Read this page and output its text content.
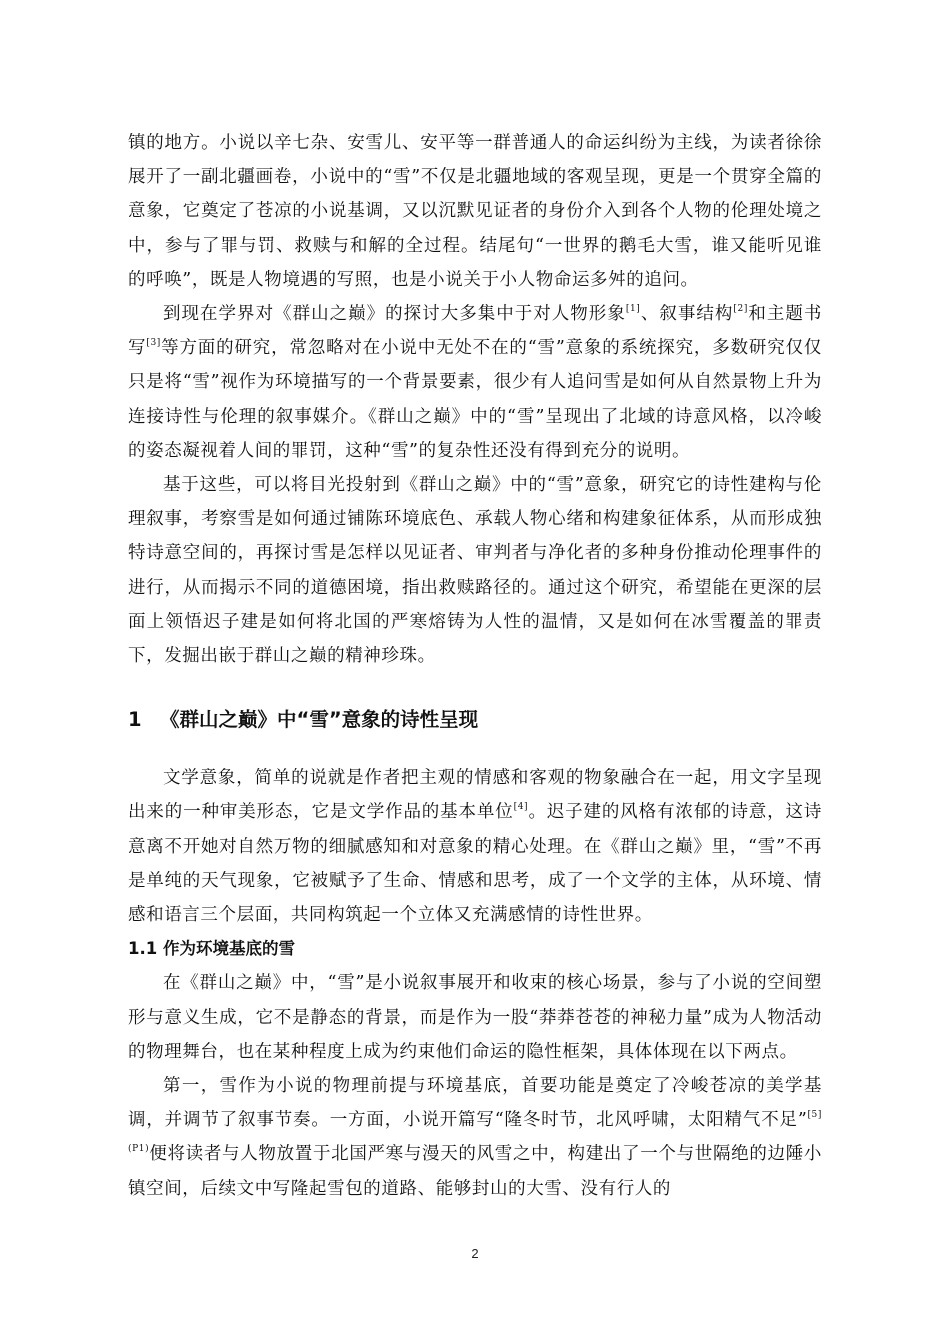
镇的地方。小说以辛七杂、安雪儿、安平等一群普通人的命运纠纷为主线，为读者徐徐展开了一副北疆画卷，小说中的“雪”不仅是北疆地域的客观呈现，更是一个贯穿全篇的意象，它奠定了苍凉的小说基调，又以沉默见证者的身份介入到各个人物的伦理处境之中，参与了罪与罚、救赎与和解的全过程。结尾句“一世界的鹅毛大雪，谁又能听见谁的呼唤”，既是人物境遇的写照，也是小说关于小人物命运多舛的追问。

到现在学界对《群山之巅》的探讨大多集中于对人物形象[1]、叙事结构[2]和主题书写[3]等方面的研究，常忽略对在小说中无处不在的“雪”意象的系统探究，多数研究仅仅只是将“雪”视作为环境描写的一个背景要素，很少有人追问雪是如何从自然景物上升为连接诗性与伦理的叙事媒介。《群山之巅》中的“雪”呈现出了北域的诗意风格，以冷峻的姿态凝视着人间的罪罚，这种“雪”的复杂性还没有得到充分的说明。

基于这些，可以将目光投射到《群山之巅》中的“雪”意象，研究它的诗性建构与伦理叙事，考察雪是如何通过铺陈环境底色、承载人物心绪和构建象征体系，从而形成独特诗意空间的，再探讨雪是怎样以见证者、审判者与净化者的多种身份推动伦理事件的进行，从而揭示不同的道德困境，指出救赎路径的。通过这个研究，希望能在更深的层面上领悟迟子建是如何将北国的严寒熔铸为人性的温情，又是如何在冰雪覆盖的罪责下，发掘出嵌于群山之巅的精神珍珠。

1 《群山之巅》中“雪”意象的诗性呈现

文学意象，简单的说就是作者把主观的情感和客观的物象融合在一起，用文字呈现出来的一种审美形态，它是文学作品的基本单位[4]。迟子建的风格有浓郁的诗意，这诗意离不开她对自然万物的细腻感知和对意象的精心处理。在《群山之巅》里，“雪”不再是单纯的天气现象，它被赋予了生命、情感和思考，成了一个文学的主体，从环境、情感和语言三个层面，共同构筑起一个立体又充满感情的诗性世界。

1.1 作为环境基底的雪

在《群山之巅》中，“雪”是小说叙事展开和收束的核心场景，参与了小说的空间塑形与意义生成，它不是静态的背景，而是作为一股“莽莽苍苍的神秘力量”成为人物活动的物理舞台，也在某种程度上成为约束他们命运的隐性框架，具体体现在以下两点。

第一，雪作为小说的物理前提与环境基底，首要功能是奠定了冷峻苍凉的美学基调，并调节了叙事节奏。一方面，小说开篇写“隆冬时节，北风呼啸，太阳精气不足”$^{[5](P1)}$便将读者与人物放置于北国严寒与漫天的风雪之中，构建出了一个与世隔绝的边陲小镇空间，后续文中写隆起雪包的道路、能够封山的大雪、没有行人的

2
